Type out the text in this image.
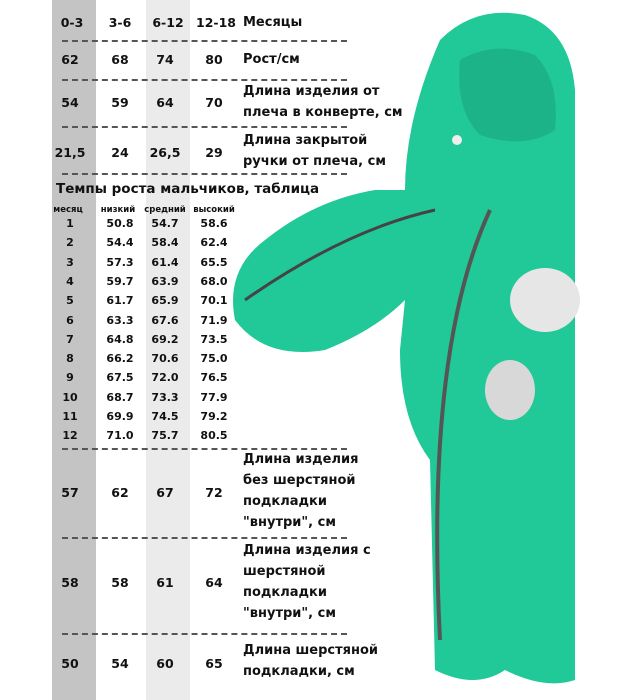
0-3 3-6 6-12 12-18 Месяцы
62	68 74	80 Рост/см
54	59 64	70
Длина изделия от
плеча в конверте, см
21,5 24 26,5 29
Длина закрытой
ручки от плеча, см
Темпы роста мальчиков, таблица
месяц низкий средний высокий
1	50.8 54.7 58.6
2	54.4 58.4 62.4
3	57.3 61.4 65.5
4	59.7 63.9 68.0
5	61.7 65.9 70.1
6	63.3 67.6 71.9
7	64.8 69.2 73.5
8	66.2 70.6 75.0
9	67.5 72.0 76.5
10	68.7 73.3 77.9
11	69.9 74.5 79.2
12	71.0 75.7 80.5
57	62 67	72
Длина изделия
без шерстяной
подкладки
"внутри", см
58	58 61	64
Длина изделия с
шерстяной
подкладки
"внутри", см
50	54 60	65
Длина шерстяной
подкладки, см
